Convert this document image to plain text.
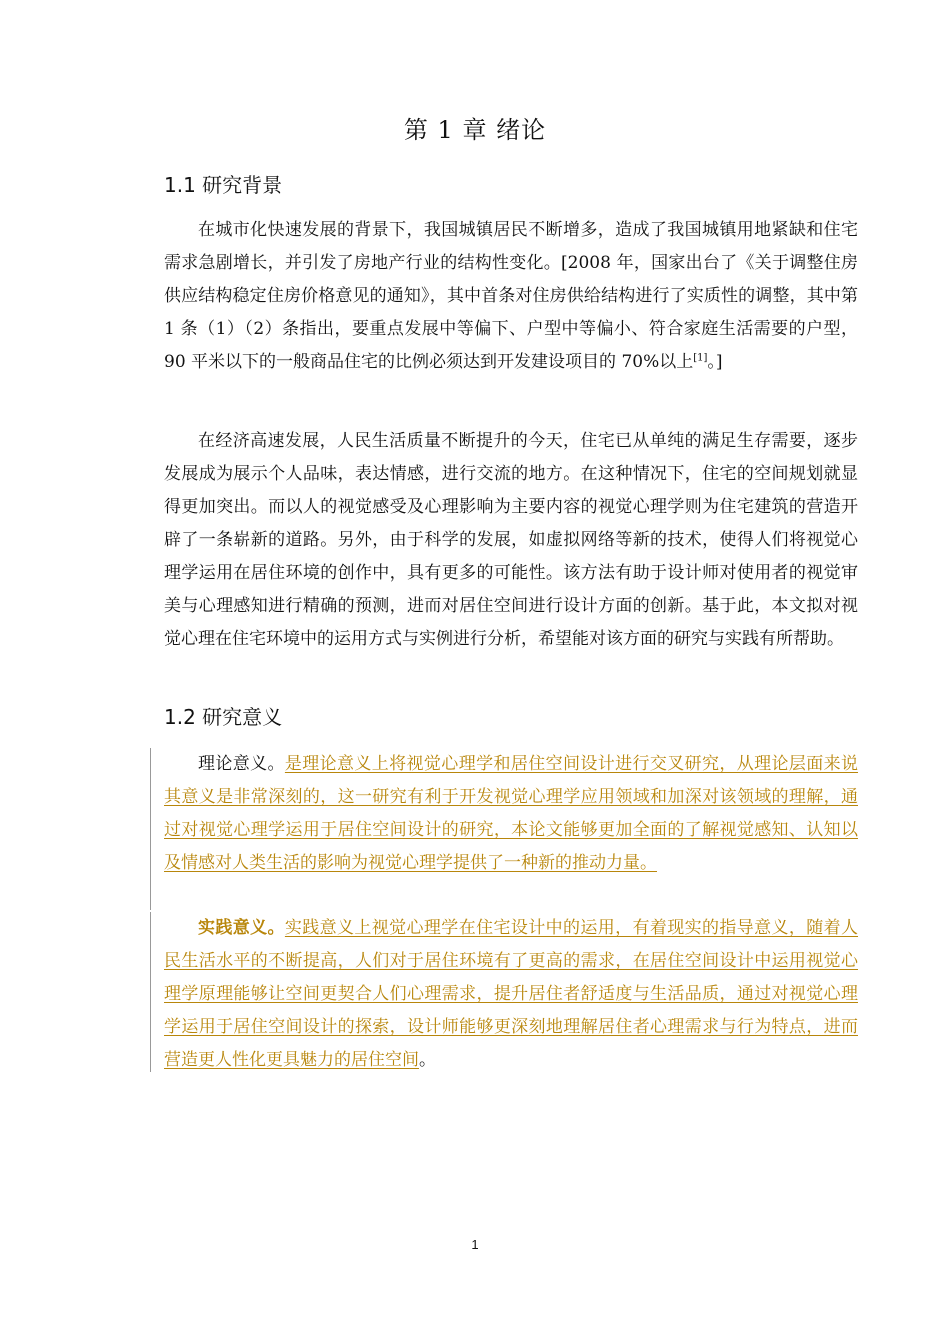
第 1 章 绪论
1.1 研究背景

在城市化快速发展的背景下，我国城镇居民不断增多，造成了我国城镇用地紧缺和住宅需求急剧增长，并引发了房地产行业的结构性变化。[2008 年，国家出台了《关于调整住房供应结构稳定住房价格意见的通知》，其中首条对住房供给结构进行了实质性的调整，其中第 1 条（1）（2）条指出，要重点发展中等偏下、户型中等偏小、符合家庭生活需要的户型，90 平米以下的一般商品住宅的比例必须达到开发建设项目的 70%以上[1]。]

在经济高速发展，人民生活质量不断提升的今天，住宅已从单纯的满足生存需要，逐步发展成为展示个人品味，表达情感，进行交流的地方。在这种情况下，住宅的空间规划就显得更加突出。而以人的视觉感受及心理影响为主要内容的视觉心理学则为住宅建筑的营造开辟了一条崭新的道路。另外，由于科学的发展，如虚拟网络等新的技术，使得人们将视觉心理学运用在居住环境的创作中，具有更多的可能性。该方法有助于设计师对使用者的视觉审美与心理感知进行精确的预测，进而对居住空间进行设计方面的创新。基于此，本文拟对视觉心理在住宅环境中的运用方式与实例进行分析，希望能对该方面的研究与实践有所帮助。

1.2 研究意义

理论意义。是理论意义上将视觉心理学和居住空间设计进行交叉研究，从理论层面来说其意义是非常深刻的，这一研究有利于开发视觉心理学应用领域和加深对该领域的理解，通过对视觉心理学运用于居住空间设计的研究，本论文能够更加全面的了解视觉感知、认知以及情感对人类生活的影响为视觉心理学提供了一种新的推动力量。

实践意义。实践意义上视觉心理学在住宅设计中的运用，有着现实的指导意义，随着人民生活水平的不断提高，人们对于居住环境有了更高的需求，在居住空间设计中运用视觉心理学原理能够让空间更契合人们心理需求，提升居住者舒适度与生活品质，通过对视觉心理学运用于居住空间设计的探索，设计师能够更深刻地理解居住者心理需求与行为特点，进而营造更人性化更具魅力的居住空间。

1
